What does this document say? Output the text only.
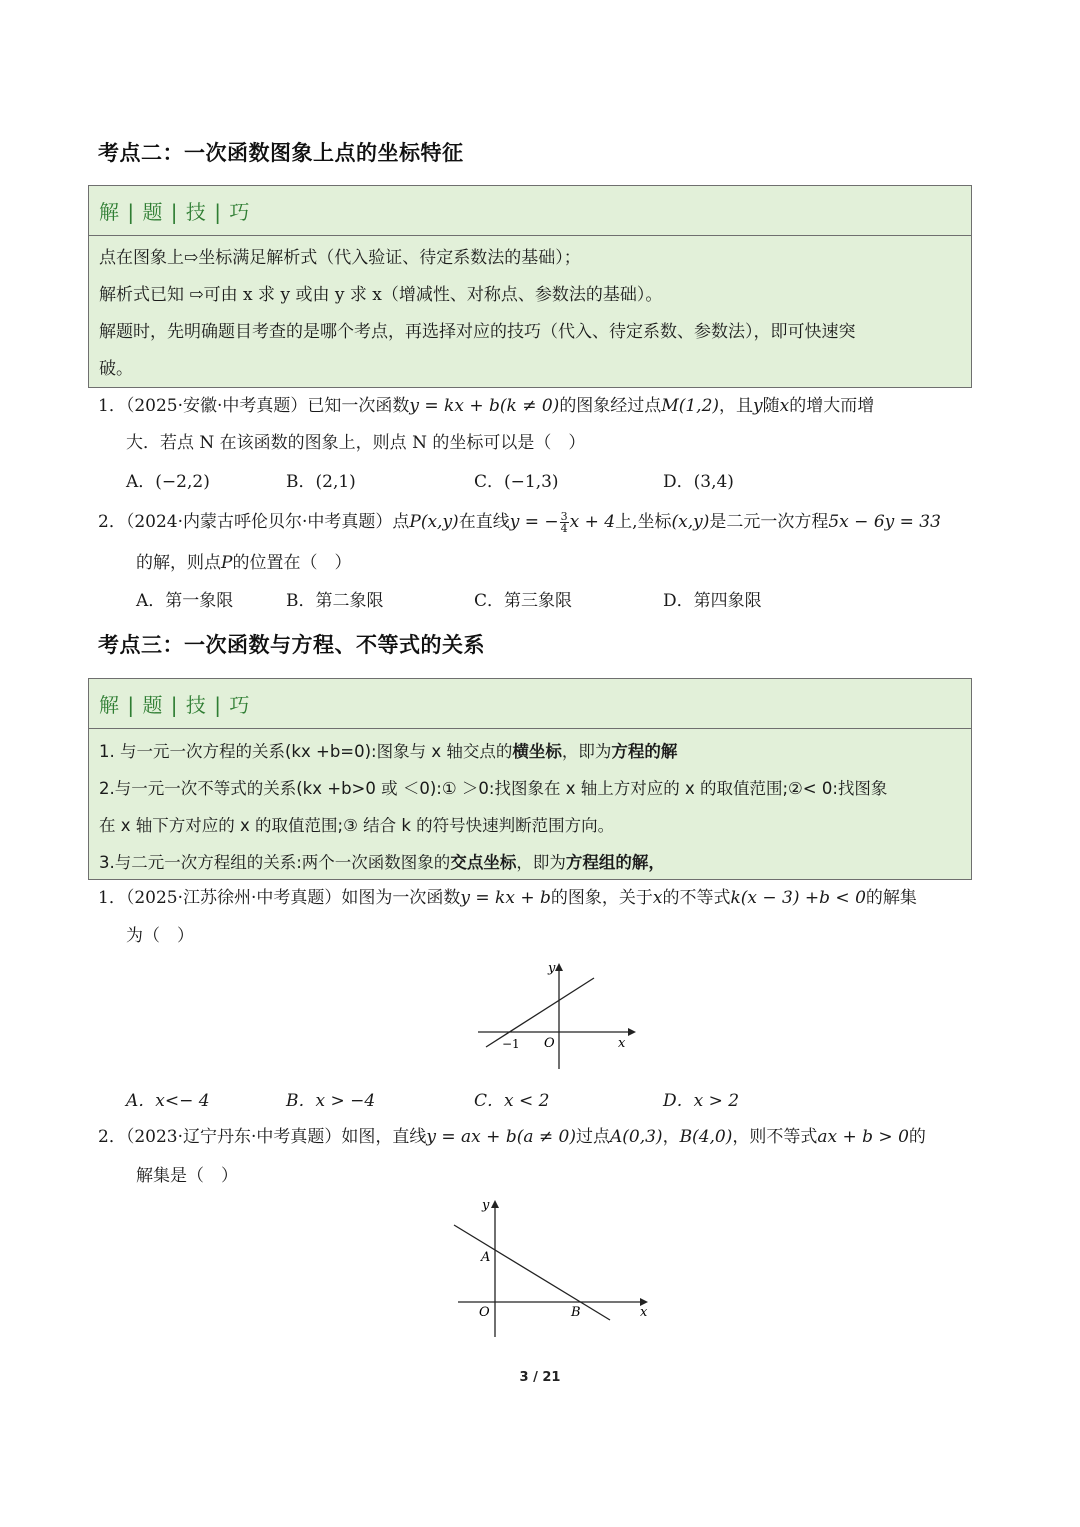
考点二：一次函数图象上点的坐标特征
解 | 题 | 技 | 巧
点在图象上⇨坐标满足解析式（代入验证、待定系数法的基础）；
解析式已知 ⇨可由 x 求 y 或由 y 求 x（增减性、对称点、参数法的基础）。
解题时，先明确题目考查的是哪个考点，再选择对应的技巧（代入、待定系数、参数法），即可快速突
破。
1．（2025·安徽·中考真题）已知一次函数y = kx + b(k ≠ 0)的图象经过点M(1,2)，且y随x的增大而增
大．若点 N 在该函数的图象上，则点 N 的坐标可以是（　）
A．(−2,2)	B．(2,1)	C．(−1,3)	D．(3,4)
2．（2024·内蒙古呼伦贝尔·中考真题）点P(x,y)在直线y = − $\frac{3}{4}$ x + 4上,坐标(x,y)是二元一次方程5x − 6y = 33
的解，则点P的位置在（　）
A．第一象限	B．第二象限	C．第三象限	D．第四象限
考点三：一次函数与方程、不等式的关系
解 | 题 | 技 | 巧
1. 与一元一次方程的关系(kx +b=0):图象与 x 轴交点的横坐标，即为方程的解
2.与一元一次不等式的关系(kx +b>0 或 ＜0):① ＞0:找图象在 x 轴上方对应的 x 的取值范围;②< 0:找图象
在 x 轴下方对应的 x 的取值范围;③ 结合 k 的符号快速判断范围方向。
3.与二元一次方程组的关系:两个一次函数图象的交点坐标，即为方程组的解，
1．（2025·江苏徐州·中考真题）如图为一次函数y = kx + b的图象，关于x的不等式k(x − 3) +b < 0的解集
为（　）
y
x
O
−1
A．x<− 4	B．x > −4	C．x < 2	D．x > 2
2．（2023·辽宁丹东·中考真题）如图，直线y = ax + b(a ≠ 0)过点A(0,3)，B(4,0)，则不等式ax + b > 0的
解集是（　）
y
x
O
A
B
3 / 21
